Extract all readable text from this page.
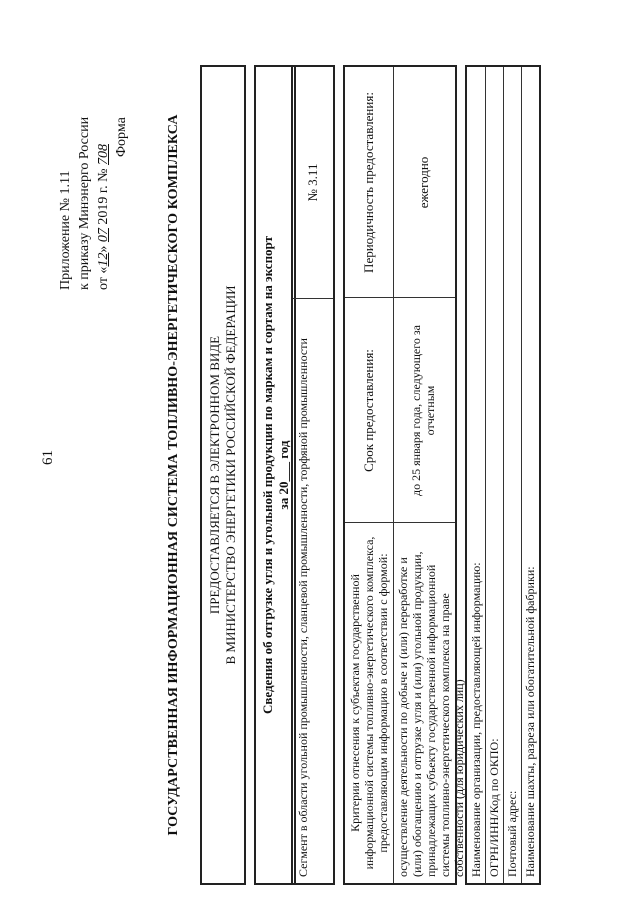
61
Приложение № 1.11 к приказу Минэнерго России от «12» 07 2019 г. № 708 Форма	ГОСУДАРСТВЕННАЯ ИНФОРМАЦИОННАЯ СИСТЕМА ТОПЛИВНО-ЭНЕРГЕТИЧЕСКОГО КОМПЛЕКСА ПРЕДОСТАВЛЯЕТСЯ В ЭЛЕКТРОННОМ ВИДЕ В МИНИСТЕРСТВО ЭНЕРГЕТИКИ РОССИЙСКОЙ ФЕДЕРАЦИИ Сведения об отгрузке угля и угольной продукции по маркам и сортам на экспорт за 20___ год Сегмент в области угольной промышленности, сланцевой промышленности, торфяной промышленности
№ 3.11
Критерии отнесения к субъектам государственной информационной системы топливно-энергетического комплекса, предоставляющим информацию в соответствии с формой:
Срок предоставления:
Периодичность предоставления:
осуществление деятельности по добыче и (или) переработке и (или) обогащению и отгрузке угля и (или) угольной продукции, принадлежащих субъекту государственной информационной системы топливно-энергетического комплекса на праве собственности (для юридических лиц)
до 25 января года, следующего за отчетным
ежегодно
Наименование организации, предоставляющей информацию: ОГРН/ИНН/Код по ОКПО: Почтовый адрес: Наименование шахты, разреза или обогатительной фабрики:
